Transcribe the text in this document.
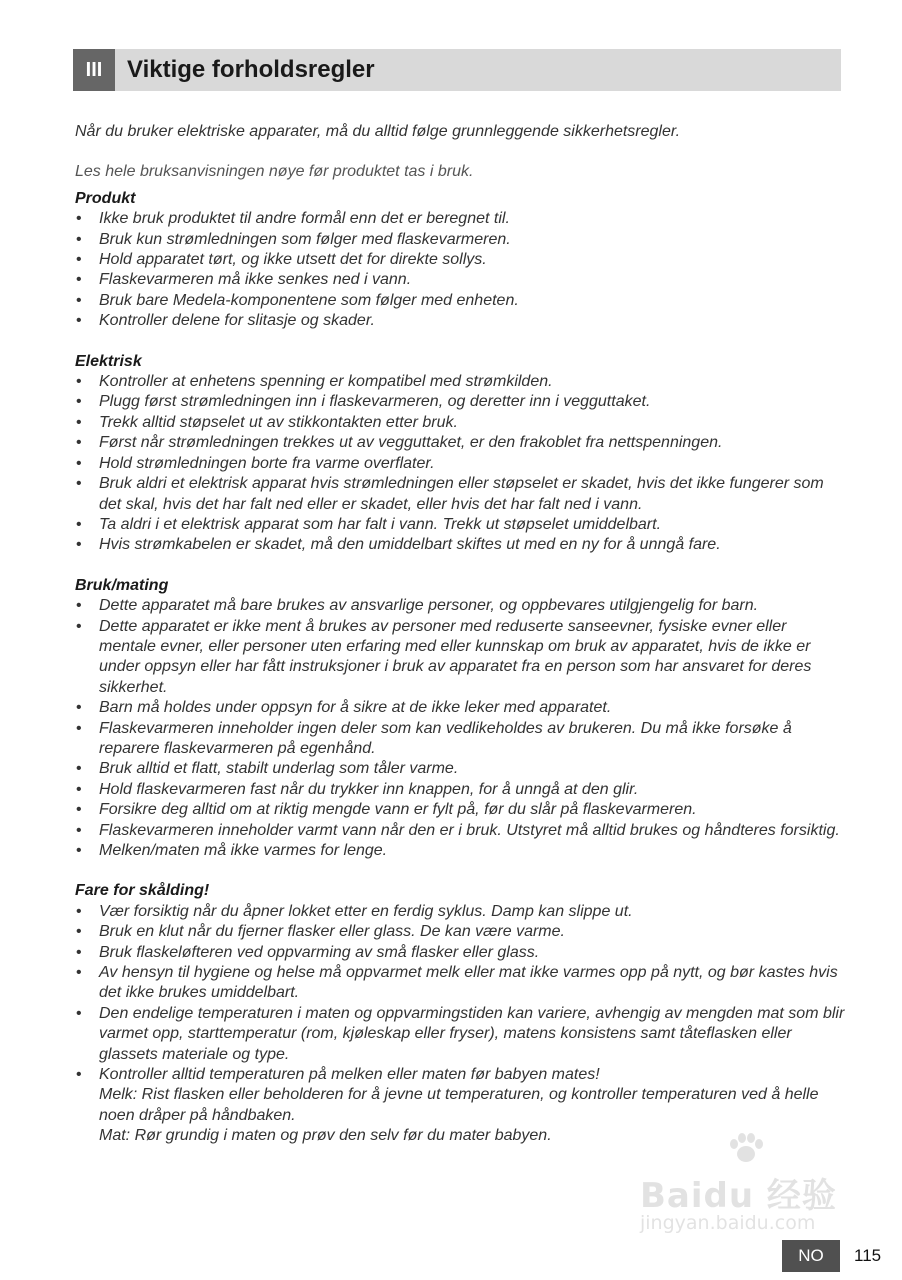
III	Viktige forholdsregler

Når du bruker elektriske apparater, må du alltid følge grunnleggende sikkerhetsregler.

Les hele bruksanvisningen nøye før produktet tas i bruk.

Produkt
• Ikke bruk produktet til andre formål enn det er beregnet til.
• Bruk kun strømledningen som følger med flaskevarmeren.
• Hold apparatet tørt, og ikke utsett det for direkte sollys.
• Flaskevarmeren må ikke senkes ned i vann.
• Bruk bare Medela-komponentene som følger med enheten.
• Kontroller delene for slitasje og skader.
Elektrisk
• Kontroller at enhetens spenning er kompatibel med strømkilden.
• Plugg først strømledningen inn i flaskevarmeren, og deretter inn i vegguttaket.
• Trekk alltid støpselet ut av stikkontakten etter bruk.
• Først når strømledningen trekkes ut av vegguttaket, er den frakoblet fra nettspenningen.
• Hold strømledningen borte fra varme overflater.
• Bruk aldri et elektrisk apparat hvis strømledningen eller støpselet er skadet, hvis det ikke fungerer som det skal, hvis det har falt ned eller er skadet, eller hvis det har falt ned i vann.
• Ta aldri i et elektrisk apparat som har falt i vann. Trekk ut støpselet umiddelbart.
• Hvis strømkabelen er skadet, må den umiddelbart skiftes ut med en ny for å unngå fare.
Bruk/mating
• Dette apparatet må bare brukes av ansvarlige personer, og oppbevares utilgjengelig for barn.
• Dette apparatet er ikke ment å brukes av personer med reduserte sanseevner, fysiske evner eller mentale evner, eller personer uten erfaring med eller kunnskap om bruk av apparatet, hvis de ikke er under oppsyn eller har fått instruksjoner i bruk av apparatet fra en person som har ansvaret for deres sikkerhet.
• Barn må holdes under oppsyn for å sikre at de ikke leker med apparatet.
• Flaskevarmeren inneholder ingen deler som kan vedlikeholdes av brukeren. Du må ikke forsøke å reparere flaskevarmeren på egenhånd.
• Bruk alltid et flatt, stabilt underlag som tåler varme.
• Hold flaskevarmeren fast når du trykker inn knappen, for å unngå at den glir.
• Forsikre deg alltid om at riktig mengde vann er fylt på, før du slår på flaskevarmeren.
• Flaskevarmeren inneholder varmt vann når den er i bruk. Utstyret må alltid brukes og håndteres forsiktig.
• Melken/maten må ikke varmes for lenge.
Fare for skålding!
• Vær forsiktig når du åpner lokket etter en ferdig syklus. Damp kan slippe ut.
• Bruk en klut når du fjerner flasker eller glass. De kan være varme.
• Bruk flaskeløfteren ved oppvarming av små flasker eller glass.
• Av hensyn til hygiene og helse må oppvarmet melk eller mat ikke varmes opp på nytt, og bør kastes hvis det ikke brukes umiddelbart.
• Den endelige temperaturen i maten og oppvarmingstiden kan variere, avhengig av mengden mat som blir varmet opp, starttemperatur (rom, kjøleskap eller fryser), matens konsistens samt tåteflasken eller glassets materiale og type.
• Kontroller alltid temperaturen på melken eller maten før babyen mates!
Melk: Rist flasken eller beholderen for å jevne ut temperaturen, og kontroller temperaturen ved å helle noen dråper på håndbaken.
Mat: Rør grundig i maten og prøv den selv før du mater babyen.
Baidu 经验
jingyan.baidu.com
NO	115
